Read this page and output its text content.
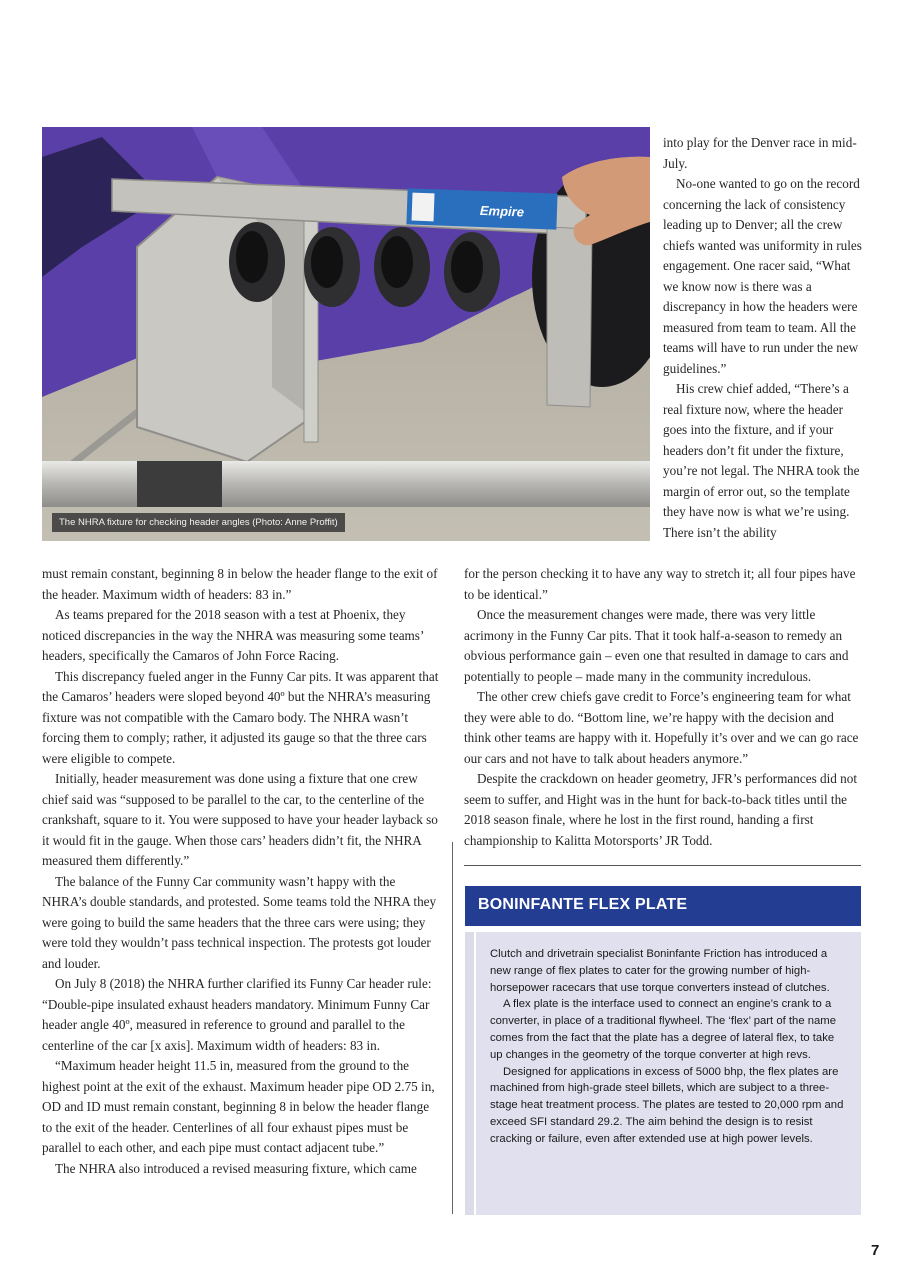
Empire
The NHRA fixture for checking header angles (Photo: Anne Proffit)

into play for the Denver race in mid-July.

No-one wanted to go on the record concerning the lack of consistency leading up to Denver; all the crew chiefs wanted was uniformity in rules engagement. One racer said, “What we know now is there was a discrepancy in how the headers were measured from team to team. All the teams will have to run under the new guidelines.”

His crew chief added, “There’s a real fixture now, where the header goes into the fixture, and if your headers don’t fit under the fixture, you’re not legal. The NHRA took the margin of error out, so the template they have now is what we’re using. There isn’t the ability

must remain constant, beginning 8 in below the header flange to the exit of the header. Maximum width of headers: 83 in.”

As teams prepared for the 2018 season with a test at Phoenix, they noticed discrepancies in the way the NHRA was measuring some teams’ headers, specifically the Camaros of John Force Racing.

This discrepancy fueled anger in the Funny Car pits. It was apparent that the Camaros’ headers were sloped beyond 40º but the NHRA’s measuring fixture was not compatible with the Camaro body. The NHRA wasn’t forcing them to comply; rather, it adjusted its gauge so that the three cars were eligible to compete.

Initially, header measurement was done using a fixture that one crew chief said was “supposed to be parallel to the car, to the centerline of the crankshaft, square to it. You were supposed to have your header layback so it would fit in the gauge. When those cars’ headers didn’t fit, the NHRA measured them differently.”

The balance of the Funny Car community wasn’t happy with the NHRA’s double standards, and protested. Some teams told the NHRA they were going to build the same headers that the three cars were using; they were told they wouldn’t pass technical inspection. The protests got louder and louder.

On July 8 (2018) the NHRA further clarified its Funny Car header rule: “Double-pipe insulated exhaust headers mandatory. Minimum Funny Car header angle 40º, measured in reference to ground and parallel to the centerline of the car [x axis]. Maximum width of headers: 83 in.

“Maximum header height 11.5 in, measured from the ground to the highest point at the exit of the exhaust. Maximum header pipe OD 2.75 in, OD and ID must remain constant, beginning 8 in below the header flange to the exit of the header. Centerlines of all four exhaust pipes must be parallel to each other, and each pipe must contact adjacent tube.”

The NHRA also introduced a revised measuring fixture, which came

for the person checking it to have any way to stretch it; all four pipes have to be identical.”

Once the measurement changes were made, there was very little acrimony in the Funny Car pits. That it took half-a-season to remedy an obvious performance gain – even one that resulted in damage to cars and potentially to people – made many in the community incredulous.

The other crew chiefs gave credit to Force’s engineering team for what they were able to do. “Bottom line, we’re happy with the decision and think other teams are happy with it. Hopefully it’s over and we can go race our cars and not have to talk about headers anymore.”

Despite the crackdown on header geometry, JFR’s performances did not seem to suffer, and Hight was in the hunt for back-to-back titles until the 2018 season finale, where he lost in the first round, handing a first championship to Kalitta Motorsports’ JR Todd.

BONINFANTE FLEX PLATE

Clutch and drivetrain specialist Boninfante Friction has introduced a new range of flex plates to cater for the growing number of high-horsepower racecars that use torque converters instead of clutches.

A flex plate is the interface used to connect an engine’s crank to a converter, in place of a traditional flywheel. The ‘flex’ part of the name comes from the fact that the plate has a degree of lateral flex, to take up changes in the geometry of the torque converter at high revs.

Designed for applications in excess of 5000 bhp, the flex plates are machined from high-grade steel billets, which are subject to a three-stage heat treatment process. The plates are tested to 20,000 rpm and exceed SFI standard 29.2. The aim behind the design is to resist cracking or failure, even after extended use at high power levels.

7
